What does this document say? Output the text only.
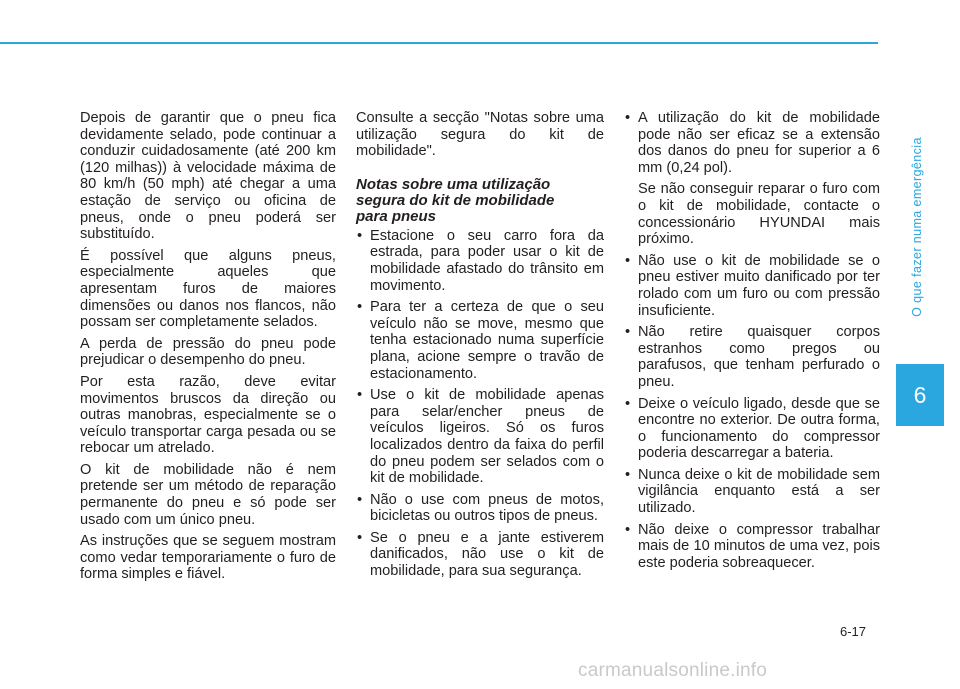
Depois de garantir que o pneu fica devidamente selado, pode continuar a conduzir cuidadosamente (até 200 km (120 milhas)) à velocidade máxima de 80 km/h (50 mph) até chegar a uma estação de serviço ou oficina de pneus, onde o pneu poderá ser substituído.

É possível que alguns pneus, especialmente aqueles que apresentam furos de maiores dimensões ou danos nos flancos, não possam ser completamente selados.

A perda de pressão do pneu pode prejudicar o desempenho do pneu.

Por esta razão, deve evitar movimentos bruscos da direção ou outras manobras, especialmente se o veículo transportar carga pesada ou se rebocar um atrelado.

O kit de mobilidade não é nem pretende ser um método de reparação permanente do pneu e só pode ser usado com um único pneu.

As instruções que se seguem mostram como vedar temporariamente o furo de forma simples e fiável.

Consulte a secção "Notas sobre uma utilização segura do kit de mobilidade".

Notas sobre uma utilização segura do kit de mobilidade para pneus
• Estacione o seu carro fora da estrada, para poder usar o kit de mobilidade afastado do trânsito em movimento.
• Para ter a certeza de que o seu veículo não se move, mesmo que tenha estacionado numa superfície plana, acione sempre o travão de estacionamento.
• Use o kit de mobilidade apenas para selar/encher pneus de veículos ligeiros. Só os furos localizados dentro da faixa do perfil do pneu podem ser selados com o kit de mobilidade.
• Não o use com pneus de motos, bicicletas ou outros tipos de pneus.
• Se o pneu e a jante estiverem danificados, não use o kit de mobilidade, para sua segurança.
• A utilização do kit de mobilidade pode não ser eficaz se a extensão dos danos do pneu for superior a 6 mm (0,24 pol).

Se não conseguir reparar o furo com o kit de mobilidade, contacte o concessionário HYUNDAI mais próximo.

• Não use o kit de mobilidade se o pneu estiver muito danificado por ter rolado com um furo ou com pressão insuficiente.
• Não retire quaisquer corpos estranhos como pregos ou parafusos, que tenham perfurado o pneu.
• Deixe o veículo ligado, desde que se encontre no exterior. De outra forma, o funcionamento do compressor poderia descarregar a bateria.
• Nunca deixe o kit de mobilidade sem vigilância enquanto está a ser utilizado.
• Não deixe o compressor trabalhar mais de 10 minutos de uma vez, pois este poderia sobreaquecer.
O que fazer numa emergência
6
6-17
carmanualsonline.info
